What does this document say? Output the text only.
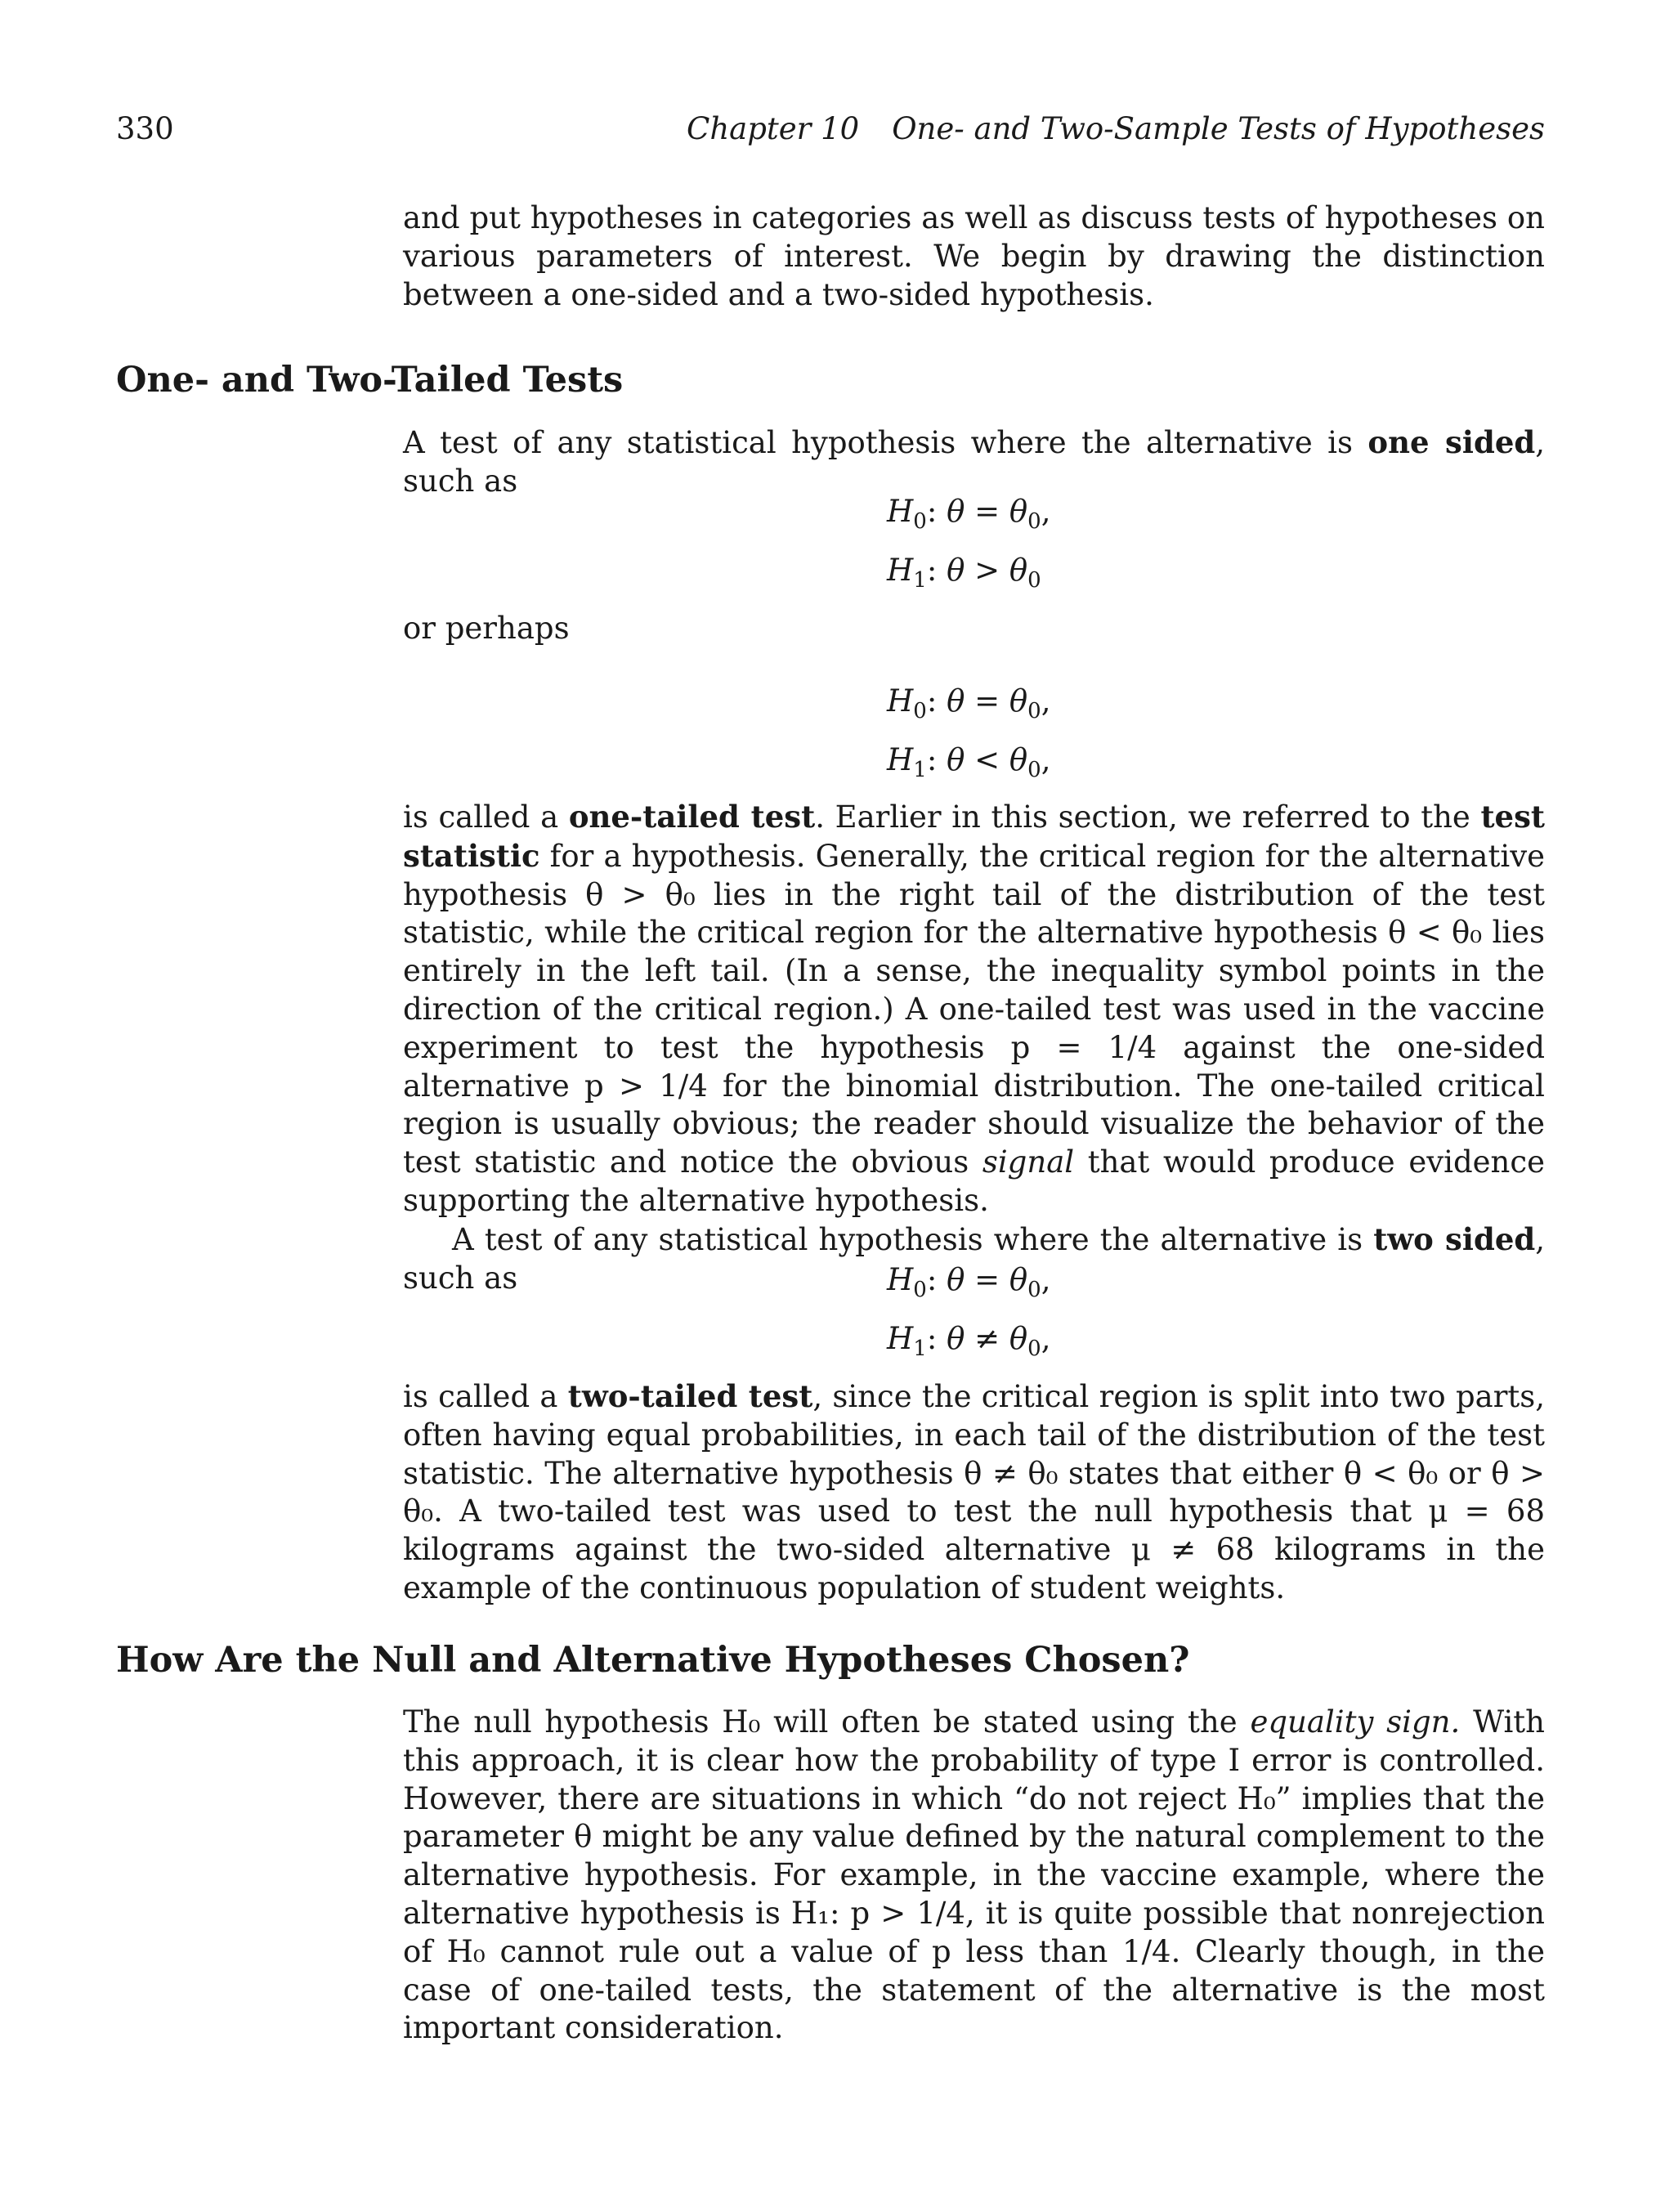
330	Chapter 10 One- and Two-Sample Tests of Hypotheses

and put hypotheses in categories as well as discuss tests of hypotheses on various parameters of interest. We begin by drawing the distinction between a one-sided and a two-sided hypothesis.

One- and Two-Tailed Tests

A test of any statistical hypothesis where the alternative is one sided, such as

$H_0$: $\theta = \theta_0$,
$H_1$: $\theta > \theta_0$

or perhaps

$H_0$: $\theta = \theta_0$,
$H_1$: $\theta < \theta_0$,

is called a one-tailed test. Earlier in this section, we referred to the test statistic for a hypothesis. Generally, the critical region for the alternative hypothesis θ > θ₀ lies in the right tail of the distribution of the test statistic, while the critical region for the alternative hypothesis θ < θ₀ lies entirely in the left tail. (In a sense, the inequality symbol points in the direction of the critical region.) A one-tailed test was used in the vaccine experiment to test the hypothesis p = 1/4 against the one-sided alternative p > 1/4 for the binomial distribution. The one-tailed critical region is usually obvious; the reader should visualize the behavior of the test statistic and notice the obvious signal that would produce evidence supporting the alternative hypothesis.

A test of any statistical hypothesis where the alternative is two sided, such as	$H_0$: $\theta = \theta_0$,
$H_1$: $\theta \ne \theta_0$,

is called a two-tailed test, since the critical region is split into two parts, often having equal probabilities, in each tail of the distribution of the test statistic. The alternative hypothesis θ ≠ θ₀ states that either θ < θ₀ or θ > θ₀. A two-tailed test was used to test the null hypothesis that μ = 68 kilograms against the two-sided alternative μ ≠ 68 kilograms in the example of the continuous population of student weights.

How Are the Null and Alternative Hypotheses Chosen?

The null hypothesis H₀ will often be stated using the equality sign. With this approach, it is clear how the probability of type I error is controlled. However, there are situations in which “do not reject H₀” implies that the parameter θ might be any value defined by the natural complement to the alternative hypothesis. For example, in the vaccine example, where the alternative hypothesis is H₁: p > 1/4, it is quite possible that nonrejection of H₀ cannot rule out a value of p less than 1/4. Clearly though, in the case of one-tailed tests, the statement of the alternative is the most important consideration.
